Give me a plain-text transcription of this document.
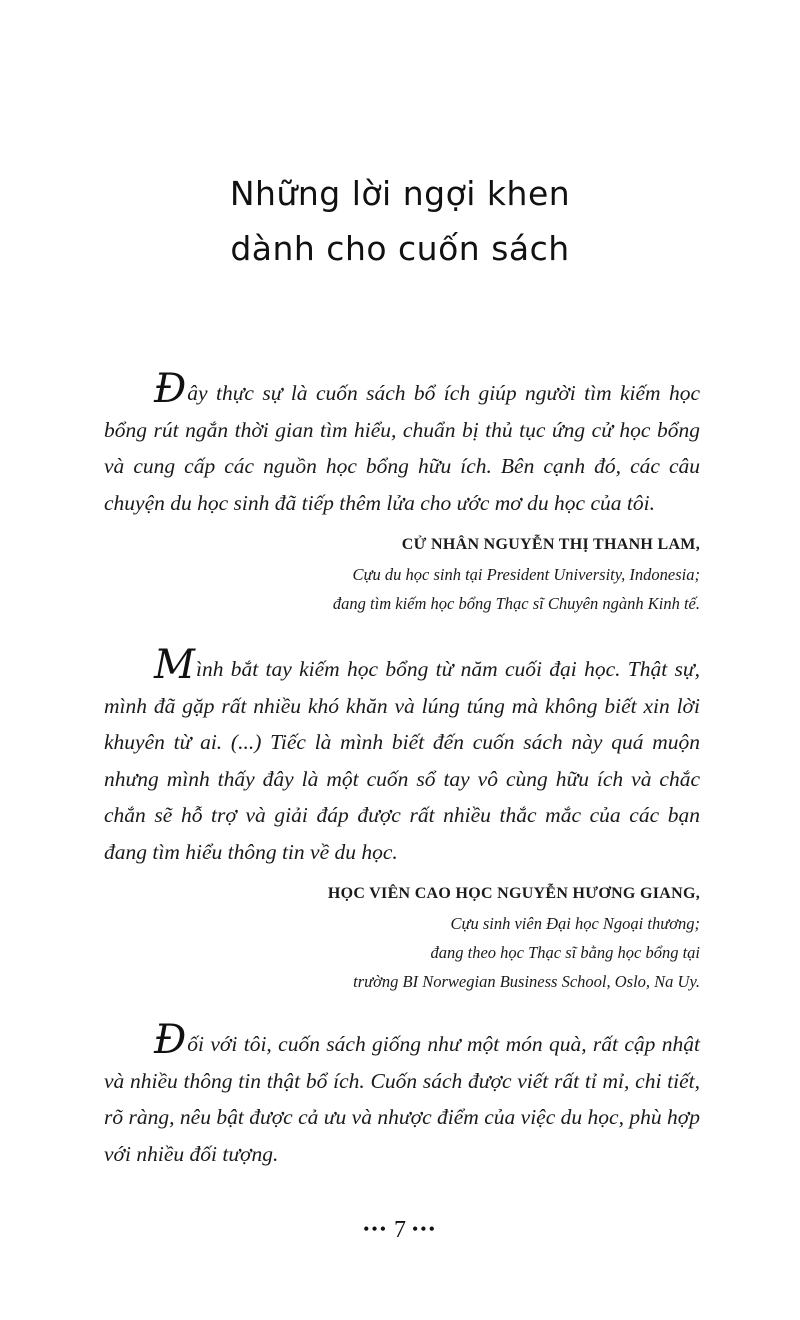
Những lời ngợi khen
dành cho cuốn sách

Đây thực sự là cuốn sách bổ ích giúp người tìm kiếm học bổng rút ngắn thời gian tìm hiểu, chuẩn bị thủ tục ứng cử học bổng và cung cấp các nguồn học bổng hữu ích. Bên cạnh đó, các câu chuyện du học sinh đã tiếp thêm lửa cho ước mơ du học của tôi.

CỬ NHÂN NGUYỄN THỊ THANH LAM,
Cựu du học sinh tại President University, Indonesia;
đang tìm kiếm học bổng Thạc sĩ Chuyên ngành Kinh tế.

Mình bắt tay kiếm học bổng từ năm cuối đại học. Thật sự, mình đã gặp rất nhiều khó khăn và lúng túng mà không biết xin lời khuyên từ ai. (...) Tiếc là mình biết đến cuốn sách này quá muộn nhưng mình thấy đây là một cuốn sổ tay vô cùng hữu ích và chắc chắn sẽ hỗ trợ và giải đáp được rất nhiều thắc mắc của các bạn đang tìm hiểu thông tin về du học.

HỌC VIÊN CAO HỌC NGUYỄN HƯƠNG GIANG,
Cựu sinh viên Đại học Ngoại thương;
đang theo học Thạc sĩ bằng học bổng tại
trường BI Norwegian Business School, Oslo, Na Uy.

Đối với tôi, cuốn sách giống như một món quà, rất cập nhật và nhiều thông tin thật bổ ích. Cuốn sách được viết rất tỉ mỉ, chi tiết, rõ ràng, nêu bật được cả ưu và nhược điểm của việc du học, phù hợp với nhiều đối tượng.

••• 7 •••
